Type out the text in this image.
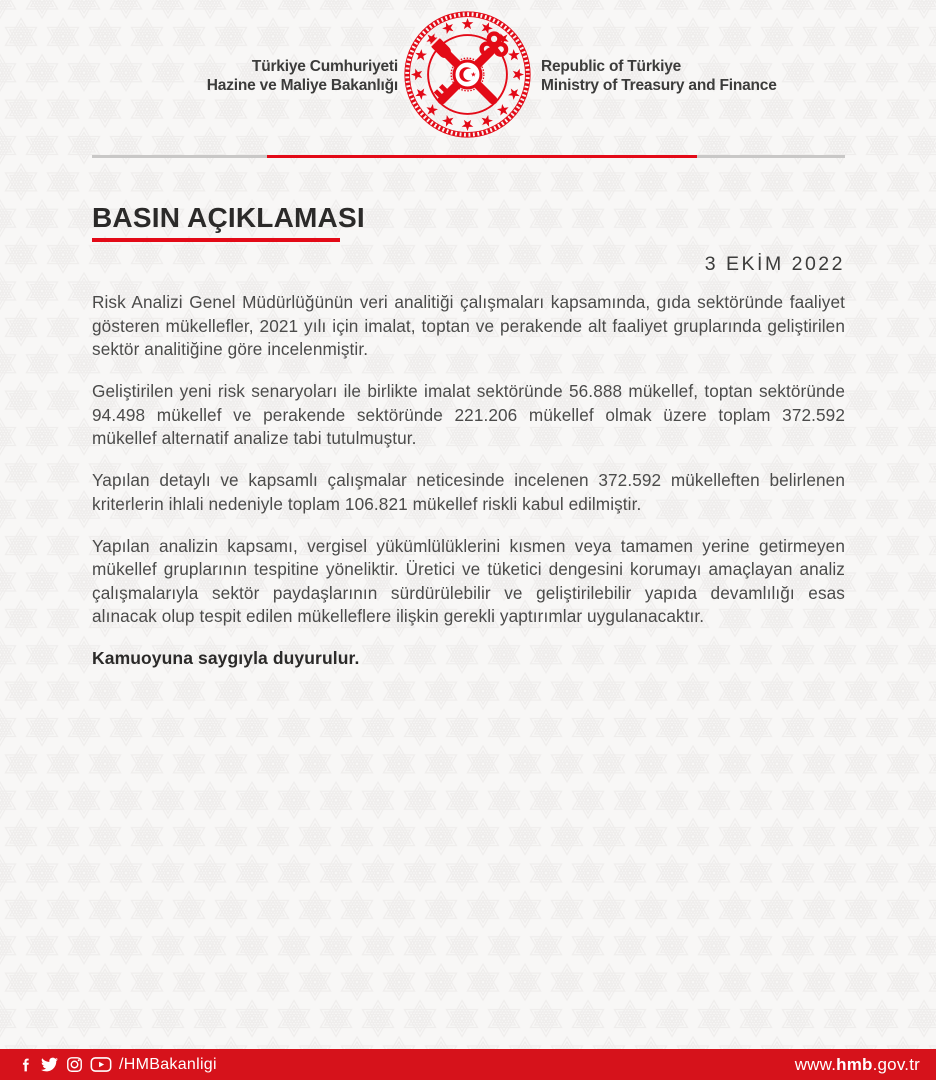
Türkiye Cumhuriyeti
Hazine ve Maliye Bakanlığı
Republic of Türkiye
Ministry of Treasury and Finance
BASIN AÇIKLAMASI
3 EKİM 2022

Risk Analizi Genel Müdürlüğünün veri analitiği çalışmaları kapsamında, gıda sektöründe faaliyet gösteren mükellefler, 2021 yılı için imalat, toptan ve perakende alt faaliyet gruplarında geliştirilen sektör analitiğine göre incelenmiştir.

Geliştirilen yeni risk senaryoları ile birlikte imalat sektöründe 56.888 mükellef, toptan sektöründe 94.498 mükellef ve perakende sektöründe 221.206 mükellef olmak üzere toplam 372.592 mükellef alternatif analize tabi tutulmuştur.

Yapılan detaylı ve kapsamlı çalışmalar neticesinde incelenen 372.592 mükelleften belirlenen kriterlerin ihlali nedeniyle toplam 106.821 mükellef riskli kabul edilmiştir.

Yapılan analizin kapsamı, vergisel yükümlülüklerini kısmen veya tamamen yerine getirmeyen mükellef gruplarının tespitine yöneliktir. Üretici ve tüketici dengesini korumayı amaçlayan analiz çalışmalarıyla sektör paydaşlarının sürdürülebilir ve geliştirilebilir yapıda devamlılığı esas alınacak olup tespit edilen mükelleflere ilişkin gerekli yaptırımlar uygulanacaktır.

Kamuoyuna saygıyla duyurulur.

/HMBakanligi	www.hmb.gov.tr
